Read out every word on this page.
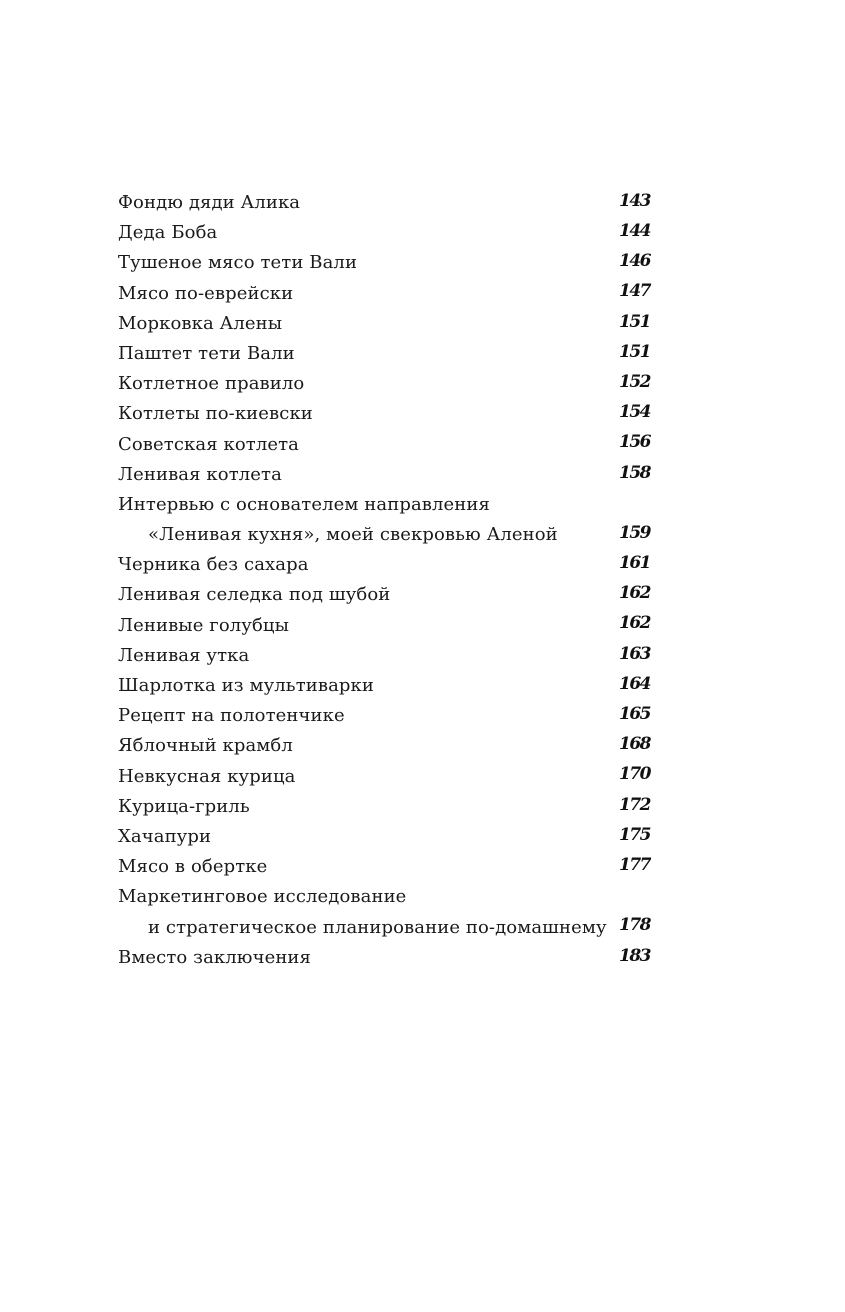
Фондю дяди Алика	143
Деда Боба	144
Тушеное мясо тети Вали	146
Мясо по-еврейски	147
Морковка Алены	151
Паштет тети Вали	151
Котлетное правило	152
Котлеты по-киевски	154
Советская котлета	156
Ленивая котлета	158
Интервью с основателем направления
«Ленивая кухня», моей свекровью Аленой	159
Черника без сахара	161
Ленивая селедка под шубой	162
Ленивые голубцы	162
Ленивая утка	163
Шарлотка из мультиварки	164
Рецепт на полотенчике	165
Яблочный крамбл	168
Невкусная курица	170
Курица-гриль	172
Хачапури	175
Мясо в обертке	177
Маркетинговое исследование
и стратегическое планирование по-домашнему 178
Вместо заключения	183
